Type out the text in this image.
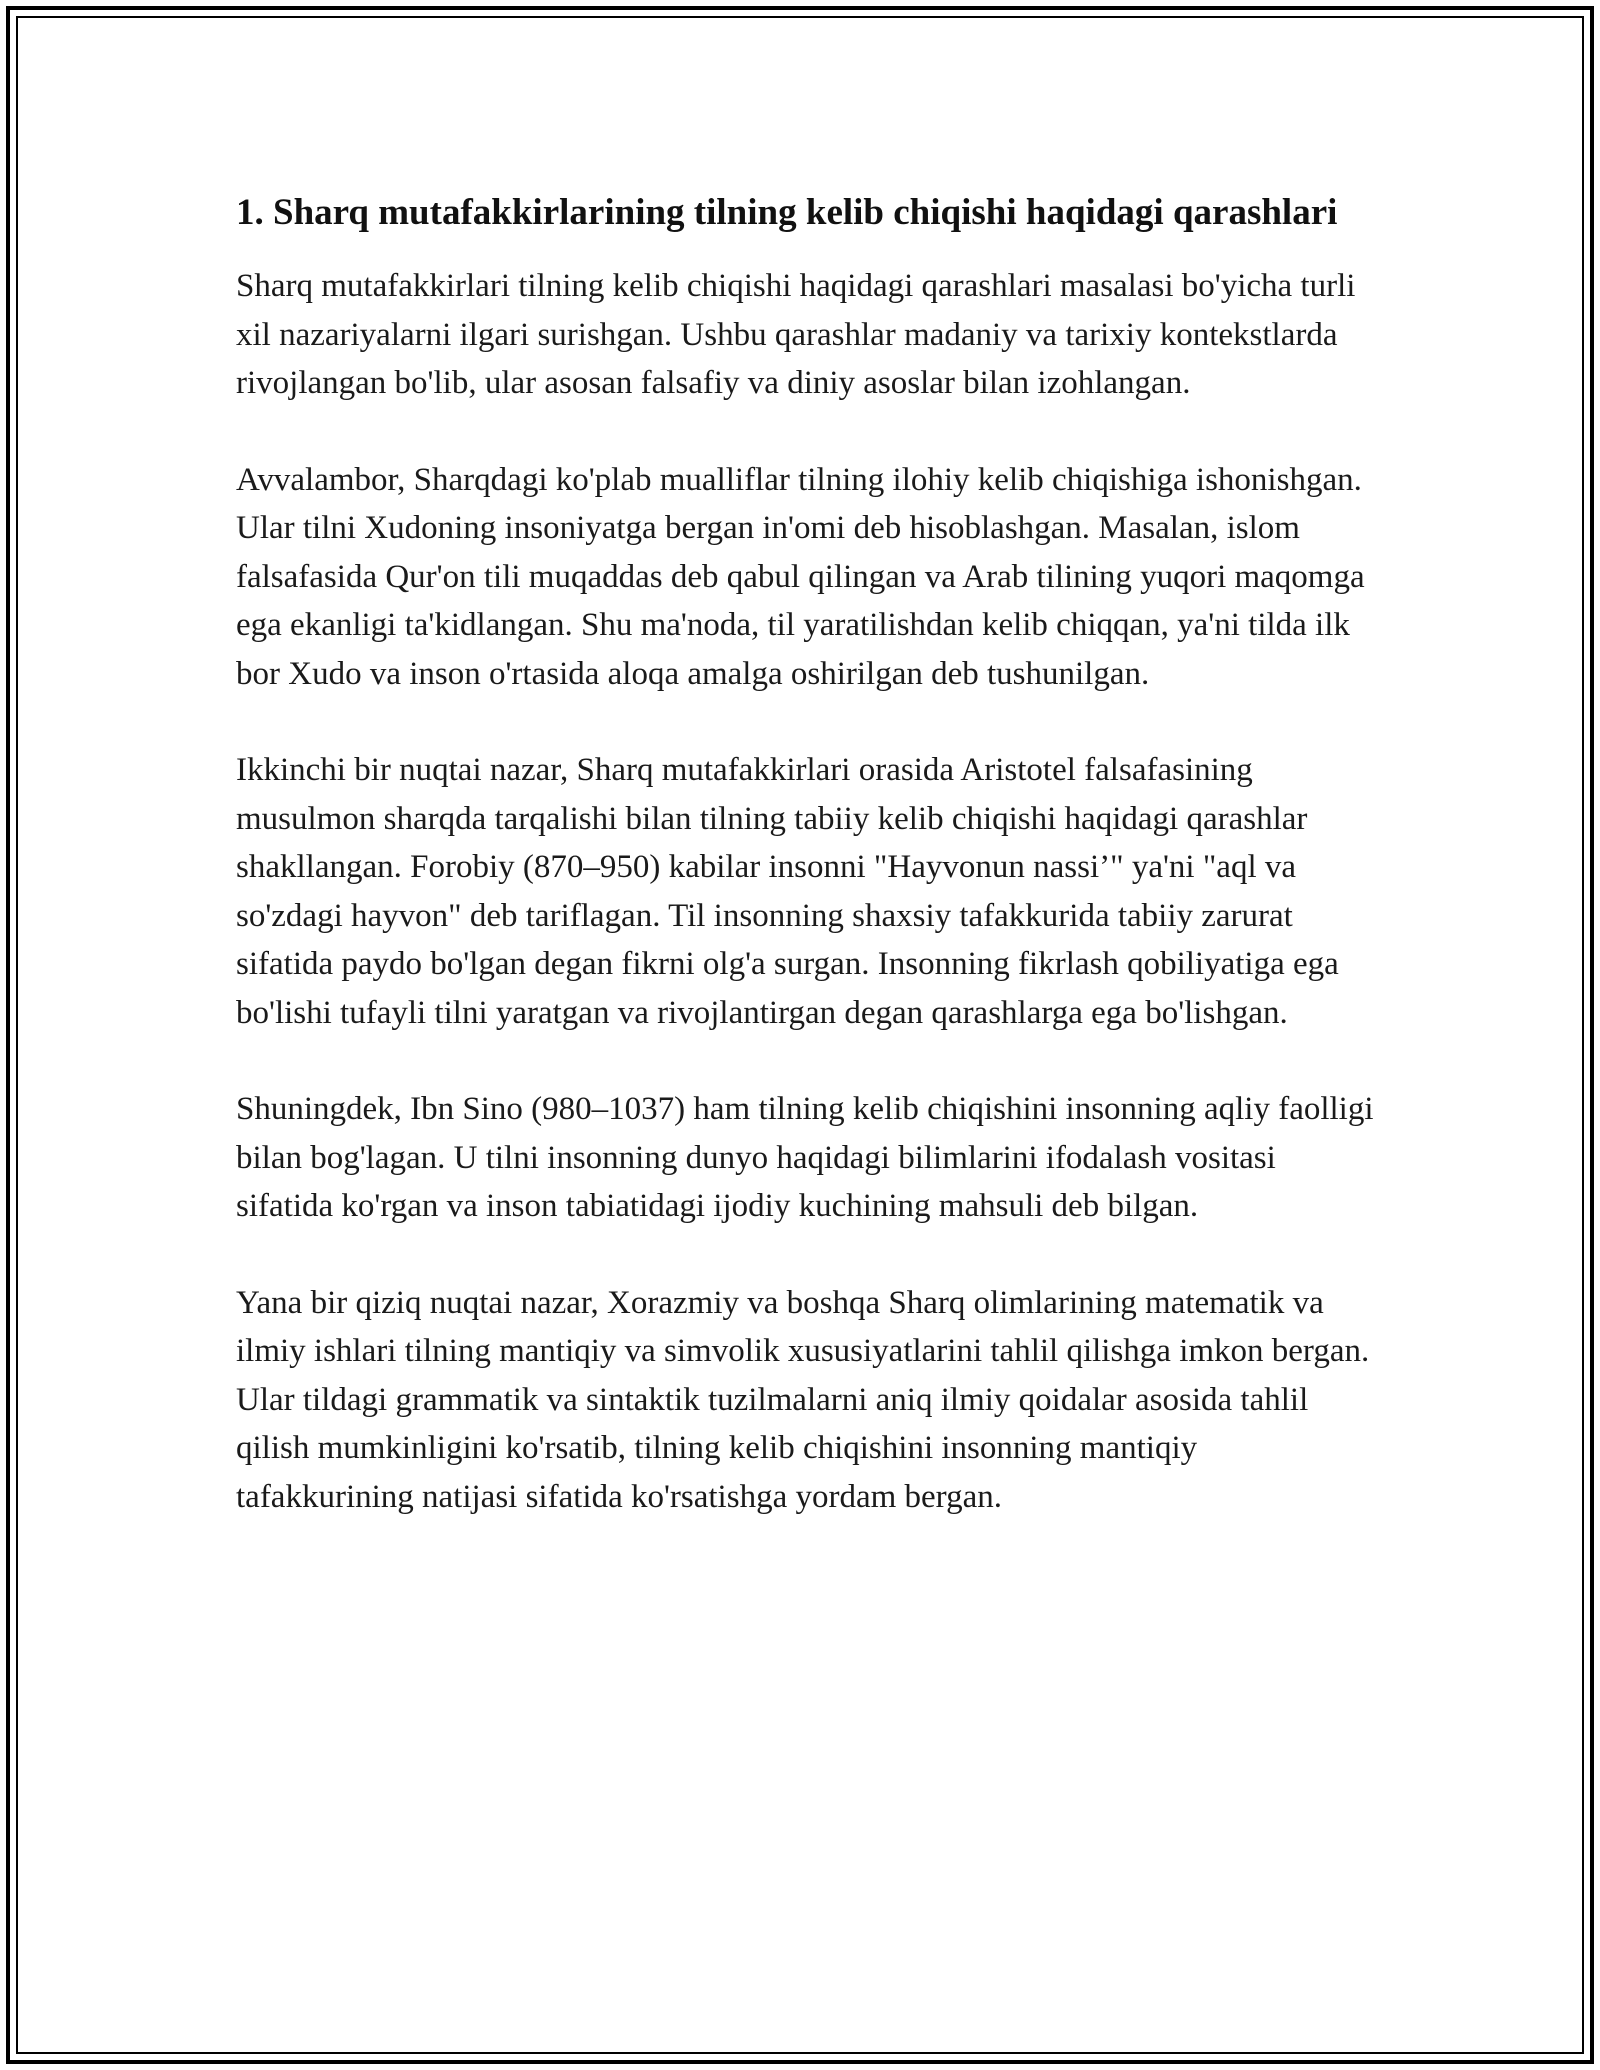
1. Sharq mutafakkirlarining tilning kelib chiqishi haqidagi qarashlari

Sharq mutafakkirlari tilning kelib chiqishi haqidagi qarashlari masalasi bo'yicha turli xil nazariyalarni ilgari surishgan. Ushbu qarashlar madaniy va tarixiy kontekstlarda rivojlangan bo'lib, ular asosan falsafiy va diniy asoslar bilan izohlangan.

Avvalambor, Sharqdagi ko'plab mualliflar tilning ilohiy kelib chiqishiga ishonishgan. Ular tilni Xudoning insoniyatga bergan in'omi deb hisoblashgan. Masalan, islom falsafasida Qur'on tili muqaddas deb qabul qilingan va Arab tilining yuqori maqomga ega ekanligi ta'kidlangan. Shu ma'noda, til yaratilishdan kelib chiqqan, ya'ni tilda ilk bor Xudo va inson o'rtasida aloqa amalga oshirilgan deb tushunilgan.

Ikkinchi bir nuqtai nazar, Sharq mutafakkirlari orasida Aristotel falsafasining musulmon sharqda tarqalishi bilan tilning tabiiy kelib chiqishi haqidagi qarashlar shakllangan. Forobiy (870–950) kabilar insonni "Hayvonun nassi’" ya'ni "aql va so'zdagi hayvon" deb tariflagan. Til insonning shaxsiy tafakkurida tabiiy zarurat sifatida paydo bo'lgan degan fikrni olg'a surgan. Insonning fikrlash qobiliyatiga ega bo'lishi tufayli tilni yaratgan va rivojlantirgan degan qarashlarga ega bo'lishgan.

Shuningdek, Ibn Sino (980–1037) ham tilning kelib chiqishini insonning aqliy faolligi bilan bog'lagan. U tilni insonning dunyo haqidagi bilimlarini ifodalash vositasi sifatida ko'rgan va inson tabiatidagi ijodiy kuchining mahsuli deb bilgan.

Yana bir qiziq nuqtai nazar, Xorazmiy va boshqa Sharq olimlarining matematik va ilmiy ishlari tilning mantiqiy va simvolik xususiyatlarini tahlil qilishga imkon bergan. Ular tildagi grammatik va sintaktik tuzilmalarni aniq ilmiy qoidalar asosida tahlil qilish mumkinligini ko'rsatib, tilning kelib chiqishini insonning mantiqiy tafakkurining natijasi sifatida ko'rsatishga yordam bergan.
